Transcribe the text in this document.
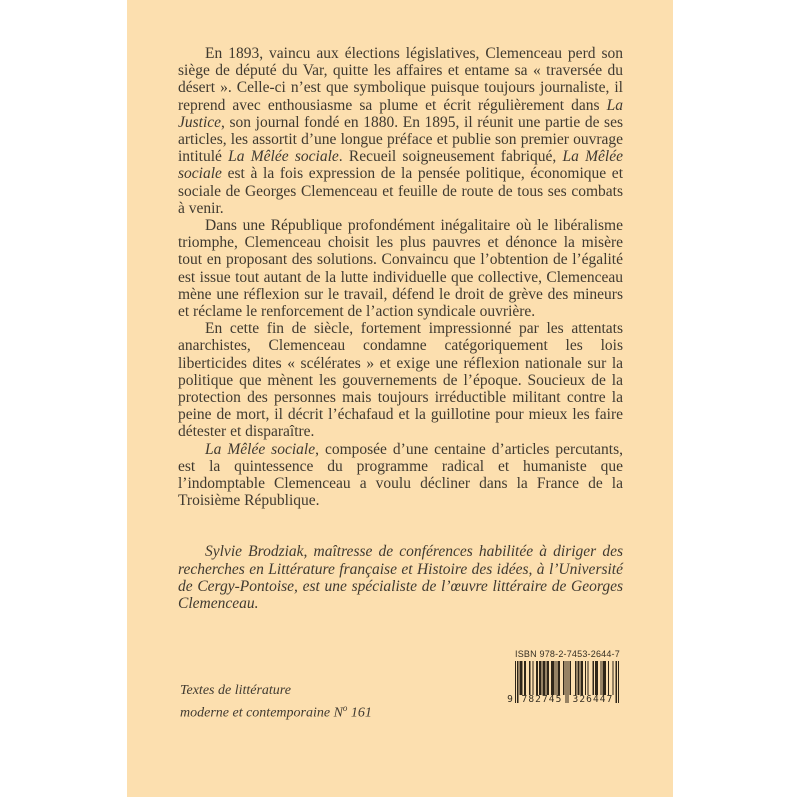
En 1893, vaincu aux élections législatives, Clemenceau perd son siège de député du Var, quitte les affaires et entame sa « traversée du désert ». Celle-ci n’est que symbolique puisque toujours journaliste, il reprend avec enthousiasme sa plume et écrit régulièrement dans La Justice, son journal fondé en 1880. En 1895, il réunit une partie de ses articles, les assortit d’une longue préface et publie son premier ouvrage intitulé La Mêlée sociale. Recueil soigneusement fabriqué, La Mêlée sociale est à la fois expression de la pensée politique, économique et sociale de Georges Clemenceau et feuille de route de tous ses combats à venir.

Dans une République profondément inégalitaire où le libéralisme triomphe, Clemenceau choisit les plus pauvres et dénonce la misère tout en proposant des solutions. Convaincu que l’obtention de l’égalité est issue tout autant de la lutte individuelle que collective, Clemenceau mène une réflexion sur le travail, défend le droit de grève des mineurs et réclame le renforcement de l’action syndicale ouvrière.

En cette fin de siècle, fortement impressionné par les attentats anarchistes, Clemenceau condamne catégoriquement les lois liberticides dites « scélérates » et exige une réflexion nationale sur la politique que mènent les gouvernements de l’époque. Soucieux de la protection des personnes mais toujours irréductible militant contre la peine de mort, il décrit l’échafaud et la guillotine pour mieux les faire détester et disparaître.

La Mêlée sociale, composée d’une centaine d’articles percutants, est la quintessence du programme radical et humaniste que l’indomptable Clemenceau a voulu décliner dans la France de la Troisième République.

Sylvie Brodziak, maîtresse de conférences habilitée à diriger des recherches en Littérature française et Histoire des idées, à l’Université de Cergy-Pontoise, est une spécialiste de l’œuvre littéraire de Georges Clemenceau.

Textes de littérature
moderne et contemporaine $N^o$ 161
ISBN 978-2-7453-2644-7
9 782745 326447
